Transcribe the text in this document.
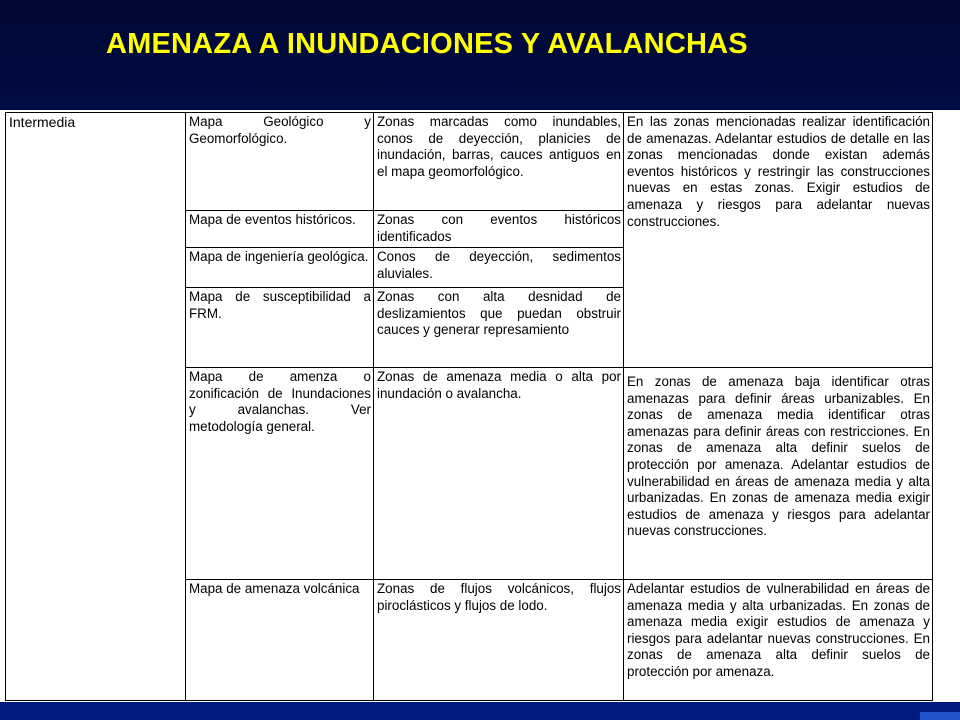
AMENAZA A INUNDACIONES Y AVALANCHAS
Intermedia	Mapa Geológico y Geomorfológico.	Zonas marcadas como inundables, conos de deyección, planicies de inundación, barras, cauces antiguos en el mapa geomorfológico.	En las zonas mencionadas realizar identificación de amenazas. Adelantar estudios de detalle en las zonas mencionadas donde existan además eventos históricos y restringir las construcciones nuevas en estas zonas. Exigir estudios de amenaza y riesgos para adelantar nuevas construcciones.
	Mapa de eventos históricos.	Zonas con eventos históricos identificados	
	Mapa de ingeniería geológica.	Conos de deyección, sedimentos aluviales.	
	Mapa de susceptibilidad a FRM.	Zonas con alta desnidad de deslizamientos que puedan obstruir cauces y generar represamiento	
	Mapa de amenza o zonificación de Inundaciones y avalanchas. Ver metodología general.	Zonas de amenaza media o alta por inundación o avalancha.	En zonas de amenaza baja identificar otras amenazas para definir áreas urbanizables. En zonas de amenaza media identificar otras amenazas para definir áreas con restricciones. En zonas de amenaza alta definir suelos de protección por amenaza. Adelantar estudios de vulnerabilidad en áreas de amenaza media y alta urbanizadas. En zonas de amenaza media exigir estudios de amenaza y riesgos para adelantar nuevas construcciones.
	Mapa de amenaza volcánica	Zonas de flujos volcánicos, flujos piroclásticos y flujos de lodo.	Adelantar estudios de vulnerabilidad en áreas de amenaza media y alta urbanizadas. En zonas de amenaza media exigir estudios de amenaza y riesgos para adelantar nuevas construcciones. En zonas de amenaza alta definir suelos de protección por amenaza.
